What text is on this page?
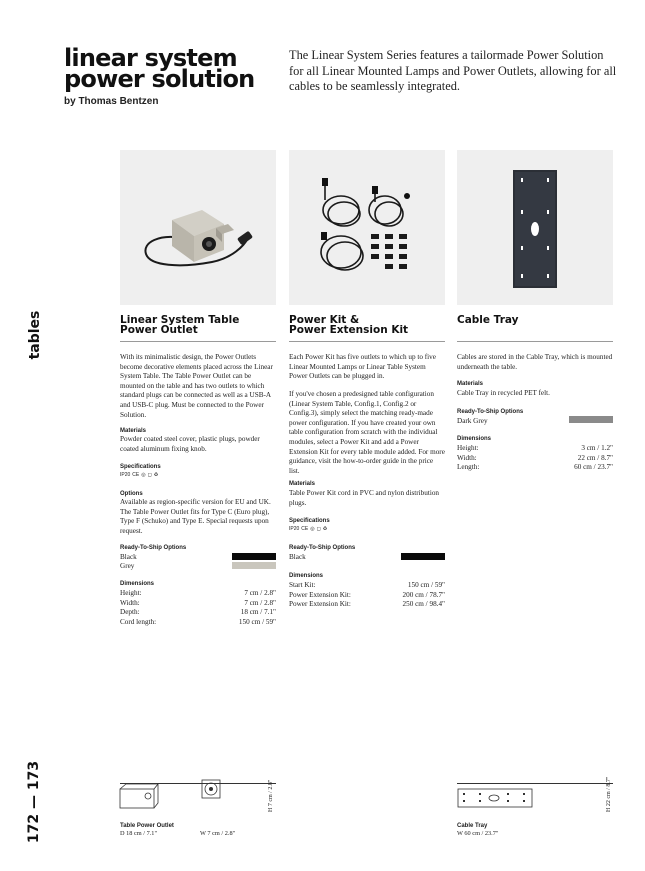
linear system
power solution
by Thomas Bentzen
The Linear System Series features a tailormade Power Solution for all Linear Mounted Lamps and Power Outlets, allowing for all cables to be seamlessly integrated.
tables
172 — 173
Linear System Table
Power Outlet
With its minimalistic design, the Power Outlets become decorative elements placed across the Linear System Table. The Table Power Outlet can be mounted on the table and has two outlets to which standard plugs can be connected as well as a USB-A and USB-C plug. Must be connected to the Power Solution.
Materials
Powder coated steel cover, plastic plugs, powder coated aluminum fixing knob.
Specifications
IP20 CE ◎ ◻ ♻
Options
Available as region-specific version for EU and UK. The Table Power Outlet fits for Type C (Euro plug), Type F (Schuko) and Type E. Special requests upon request.
Ready-To-Ship Options
Black
Grey
Dimensions
Height:	7 cm / 2.8"
Width:	7 cm / 2.8"
Depth:	18 cm / 7.1"
Cord length:	150 cm / 59"
Power Kit &
Power Extension Kit
Each Power Kit has five outlets to which up to five Linear Mounted Lamps or Linear Table System Power Outlets can be plugged in.
If you've chosen a predesigned table configuration (Linear System Table, Config.1, Config.2 or Config.3), simply select the matching ready-made power configuration. If you have created your own table configuration from scratch with the individual modules, select a Power Kit and add a Power Extension Kit for every table module added. For more guidance, visit the how-to-order guide in the price list.
Materials
Table Power Kit cord in PVC and nylon distribution plugs.
Specifications
IP20 CE ◎ ◻ ♻
Ready-To-Ship Options
Black
Dimensions
Start Kit:	150 cm / 59"
Power Extension Kit:	200 cm / 78.7"
Power Extension Kit:	250 cm / 98.4"
Cable Tray
Cables are stored in the Cable Tray, which is mounted underneath the table.
Materials
Cable Tray in recycled PET felt.
Ready-To-Ship Options
Dark Grey
Dimensions
Height:	3 cm / 1.2"
Width:	22 cm / 8.7"
Length:	60 cm / 23.7"
H 7 cm / 2.8"
Table Power Outlet
D 18 cm / 7.1"	W 7 cm / 2.8"
H 22 cm / 8.7"
Cable Tray
W 60 cm / 23.7"
